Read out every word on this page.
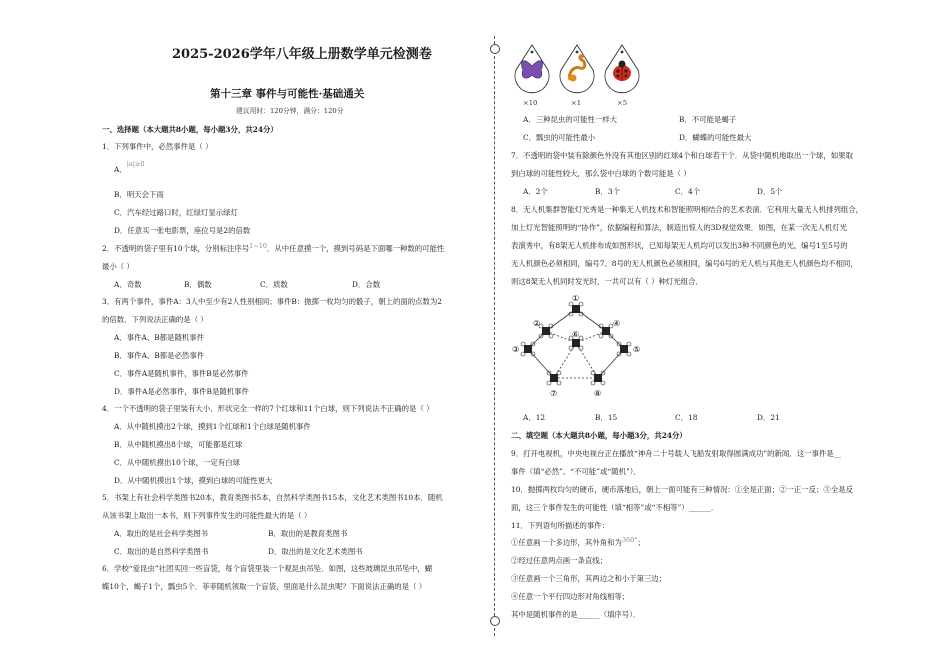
2025-2026学年八年级上册数学单元检测卷
第十三章 事件与可能性·基础通关
建议用时：120分钟，满分：120分
一、选择题（本大题共8小题，每小题3分，共24分）
1．下列事件中，必然事件是（ ）
A．|a|≥0
B．明天会下雨
C．汽车经过路口时，红绿灯显示绿灯
D．任意买一张电影票，座位号是2的倍数
2．不透明的袋子里有10个球，分别标注序号1~10．从中任意摸一个，摸到号码是下面哪一种数的可能性
最小（ ）
A．奇数	B．偶数	C．质数	D．合数
3．有两个事件，事件A：3人中至少有2人性别相同；事件B：抛掷一枚均匀的骰子，朝上的面的点数为2
的倍数．下列说法正确的是（ ）
A．事件A、B都是随机事件
B．事件A、B都是必然事件
C．事件A是随机事件，事件B是必然事件
D．事件A是必然事件，事件B是随机事件
4．一个不透明的袋子里装有大小、形状完全一样的7个红球和11个白球，则下列说法不正确的是（ ）
A．从中随机摸出2个球，摸到1个红球和1个白球是随机事件
B．从中随机摸出8个球，可能都是红球
C．从中随机摸出10个球，一定有白球
D．从中随机摸出1个球，摸到白球的可能性更大
5．书架上有社会科学类图书20本，教育类图书5本，自然科学类图书15本，文化艺术类图书10本．随机
从该书架上取出一本书，则下列事件发生的可能性最大的是（ ）
A．取出的是社会科学类图书	B．取出的是教育类图书
C．取出的是自然科学类图书	D．取出的是文化艺术类图书
6．学校“爱昆虫”社团买回一些盲袋，每个盲袋里装一个观昆虫吊坠．如图，这些玻璃昆虫吊坠中，蝴
蝶10个，蝎子1个，瓢虫5个．菲菲随机领取一个盲袋，里面是什么昆虫呢？下面说法正确的是（ ）
×10	×1	×5
A．三种昆虫的可能性一样大	B．不可能是蝎子
C．瓢虫的可能性最小	D．蝴蝶的可能性最大
7．不透明的袋中装有除颜色外没有其他区别的红球4个和白球若干个．从袋中随机地取出一个球，如果取
到白球的可能性较大，那么袋中白球的个数可能是（ ）
A．2个	B．3个	C．4个	D．5个
8．无人机集群智能灯光秀是一种集无人机技术和智能照明相结合的艺术表演．它利用大量无人机排列组合，
加上灯光智能照明的“协作”，依据编程和算法，制造出惊人的3D视觉效果．如图，在某一次无人机灯光
表演秀中，有8架无人机排布成如图形状，已知每架无人机均可以发出3种不同颜色的光，编号1至5号的
无人机颜色必须相同，编号7、8号的无人机颜色必须相同，编号6号的无人机与其他无人机颜色均不相同，
则这8架无人机同时发光时，一共可以有（ ）种灯光组合．
①
②
③
④
⑤
⑥
⑦	⑧
A．12	B．15	C．18	D．21
二、填空题（本大题共8小题，每小题3分，共24分）
9．打开电视机，中央电视台正在播放“神舟二十号载人飞船发射取得圆满成功”的新闻．这一事件是__
事件（填“必然”、“不可能”或“随机”）．
10．抛掷两枚均匀的硬币，硬币落地后，朝上一面可能有三种情况：①全是正面；②一正一反；③全是反
面，这三个事件发生的可能性（填“相等”或“不相等”）______．
11．下列语句所描述的事件：
①任意画一个多边形，其外角和为360°；
②经过任意两点画一条直线；
③任意画一个三角形，其两边之和小于第三边；
④任意一个平行四边形对角线相等；
其中是随机事件的是______（填序号）．
